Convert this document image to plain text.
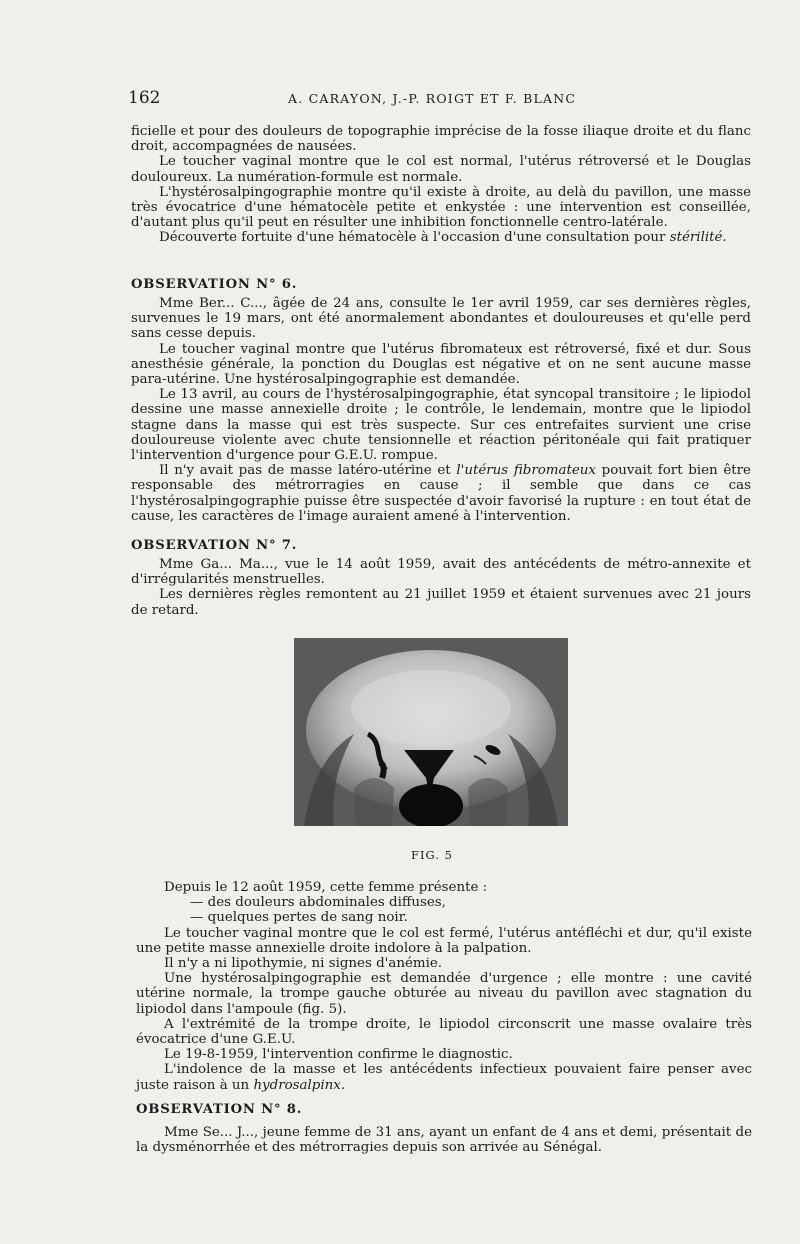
162	A. CARAYON, J.-P. ROIGT ET F. BLANC

ficielle et pour des douleurs de topographie imprécise de la fosse iliaque droite et du flanc droit, accompagnées de nausées.

Le toucher vaginal montre que le col est normal, l'utérus rétroversé et le Douglas douloureux. La numération-formule est normale.

L'hystérosalpingographie montre qu'il existe à droite, au delà du pavillon, une masse très évocatrice d'une hématocèle petite et enkystée : une intervention est conseillée, d'autant plus qu'il peut en résulter une inhibition fonctionnelle centro-latérale.

Découverte fortuite d'une hématocèle à l'occasion d'une consultation pour stérilité.

OBSERVATION N° 6.

Mme Ber... C..., âgée de 24 ans, consulte le 1er avril 1959, car ses dernières règles, survenues le 19 mars, ont été anormalement abondantes et douloureuses et qu'elle perd sans cesse depuis.

Le toucher vaginal montre que l'utérus fibromateux est rétroversé, fixé et dur. Sous anesthésie générale, la ponction du Douglas est négative et on ne sent aucune masse para-utérine. Une hystérosalpingographie est demandée.

Le 13 avril, au cours de l'hystérosalpingographie, état syncopal transitoire ; le lipiodol dessine une masse annexielle droite ; le contrôle, le lendemain, montre que le lipiodol stagne dans la masse qui est très suspecte. Sur ces entrefaites survient une crise douloureuse violente avec chute tensionnelle et réaction péritonéale qui fait pratiquer l'intervention d'urgence pour G.E.U. rompue.

Il n'y avait pas de masse latéro-utérine et l'utérus fibromateux pouvait fort bien être responsable des métrorragies en cause ; il semble que dans ce cas l'hystérosalpingographie puisse être suspectée d'avoir favorisé la rupture : en tout état de cause, les caractères de l'image auraient amené à l'intervention.

OBSERVATION N° 7.

Mme Ga... Ma..., vue le 14 août 1959, avait des antécédents de métro-annexite et d'irrégularités menstruelles.

Les dernières règles remontent au 21 juillet 1959 et étaient survenues avec 21 jours de retard.

FIG. 5

Depuis le 12 août 1959, cette femme présente :

— des douleurs abdominales diffuses,

— quelques pertes de sang noir.

Le toucher vaginal montre que le col est fermé, l'utérus antéfléchi et dur, qu'il existe une petite masse annexielle droite indolore à la palpation.

Il n'y a ni lipothymie, ni signes d'anémie.

Une hystérosalpingographie est demandée d'urgence ; elle montre : une cavité utérine normale, la trompe gauche obturée au niveau du pavillon avec stagnation du lipiodol dans l'ampoule (fig. 5).

A l'extrémité de la trompe droite, le lipiodol circonscrit une masse ovalaire très évocatrice d'une G.E.U.

Le 19-8-1959, l'intervention confirme le diagnostic.

L'indolence de la masse et les antécédents infectieux pouvaient faire penser avec juste raison à un hydrosalpinx.

OBSERVATION N° 8.

Mme Se... J..., jeune femme de 31 ans, ayant un enfant de 4 ans et demi, présentait de la dysménorrhée et des métrorragies depuis son arrivée au Sénégal.
